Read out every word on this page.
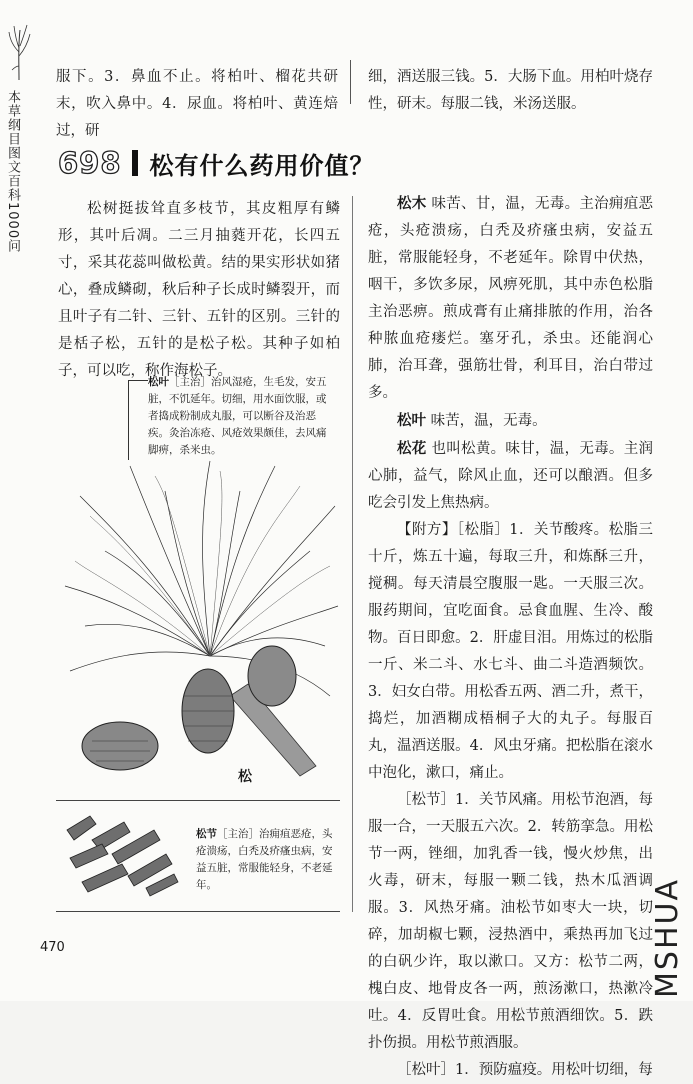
本草纲目图文百科1000问

服下。3．鼻血不止。将柏叶、榴花共研末，吹入鼻中。4．尿血。将柏叶、黄连焙过，研

细，酒送服三钱。5．大肠下血。用柏叶烧存性，研末。每服二钱，米汤送服。

698 松有什么药用价值？

松树挺拔耸直多枝节，其皮粗厚有鳞形，其叶后凋。二三月抽蕤开花，长四五寸，采其花蕊叫做松黄。结的果实形状如猪心，叠成鳞砌，秋后种子长成时鳞裂开，而且叶子有二针、三针、五针的区别。三针的是栝子松，五针的是松子松。其种子如柏子，可以吃，称作海松子。

松叶［主治］治风湿疮，生毛发，安五脏，不饥延年。切细，用水面饮服，或者捣成粉制成丸服，可以断谷及治恶疾。灸治冻疮、风疮效果颇佳，去风痛脚痹，杀米虫。
松
松节［主治］治痈疽恶疮，头疮溃疡，白秃及疥瘙虫病，安益五脏，常服能轻身，不老延年。

松木 味苦、甘，温，无毒。主治痈疽恶疮，头疮溃疡，白秃及疥瘙虫病，安益五脏，常服能轻身，不老延年。除胃中伏热，咽干，多饮多尿，风痹死肌，其中赤色松脂主治恶痹。煎成膏有止痛排脓的作用，治各种脓血疮瘘烂。塞牙孔，杀虫。还能润心肺，治耳聋，强筋壮骨，利耳目，治白带过多。

松叶 味苦，温，无毒。

松花 也叫松黄。味甘，温，无毒。主润心肺，益气，除风止血，还可以酿酒。但多吃会引发上焦热病。

【附方】［松脂］1．关节酸疼。松脂三十斤，炼五十遍，每取三升，和炼酥三升，搅稠。每天清晨空腹服一匙。一天服三次。服药期间，宜吃面食。忌食血腥、生冷、酸物。百日即愈。2．肝虚目泪。用炼过的松脂一斤、米二斗、水七斗、曲二斗造酒频饮。3．妇女白带。用松香五两、酒二升，煮干，捣烂，加酒糊成梧桐子大的丸子。每服百丸，温酒送服。4．风虫牙痛。把松脂在滚水中泡化，漱口，痛止。

［松节］1．关节风痛。用松节泡酒，每服一合，一天服五六次。2．转筋挛急。用松节一两，锉细，加乳香一钱，慢火炒焦，出火毒，研末，每服一颗二钱，热木瓜酒调服。3．风热牙痛。油松节如枣大一块，切碎，加胡椒七颗，浸热酒中，乘热再加飞过的白矾少许，取以漱口。又方：松节二两，槐白皮、地骨皮各一两，煎汤漱口，热漱冷吐。4．反胃吐食。用松节煎酒细饮。5．跌扑伤损。用松节煎酒服。

［松叶］1．预防瘟疫。用松叶切细，每

470	MSHUA
